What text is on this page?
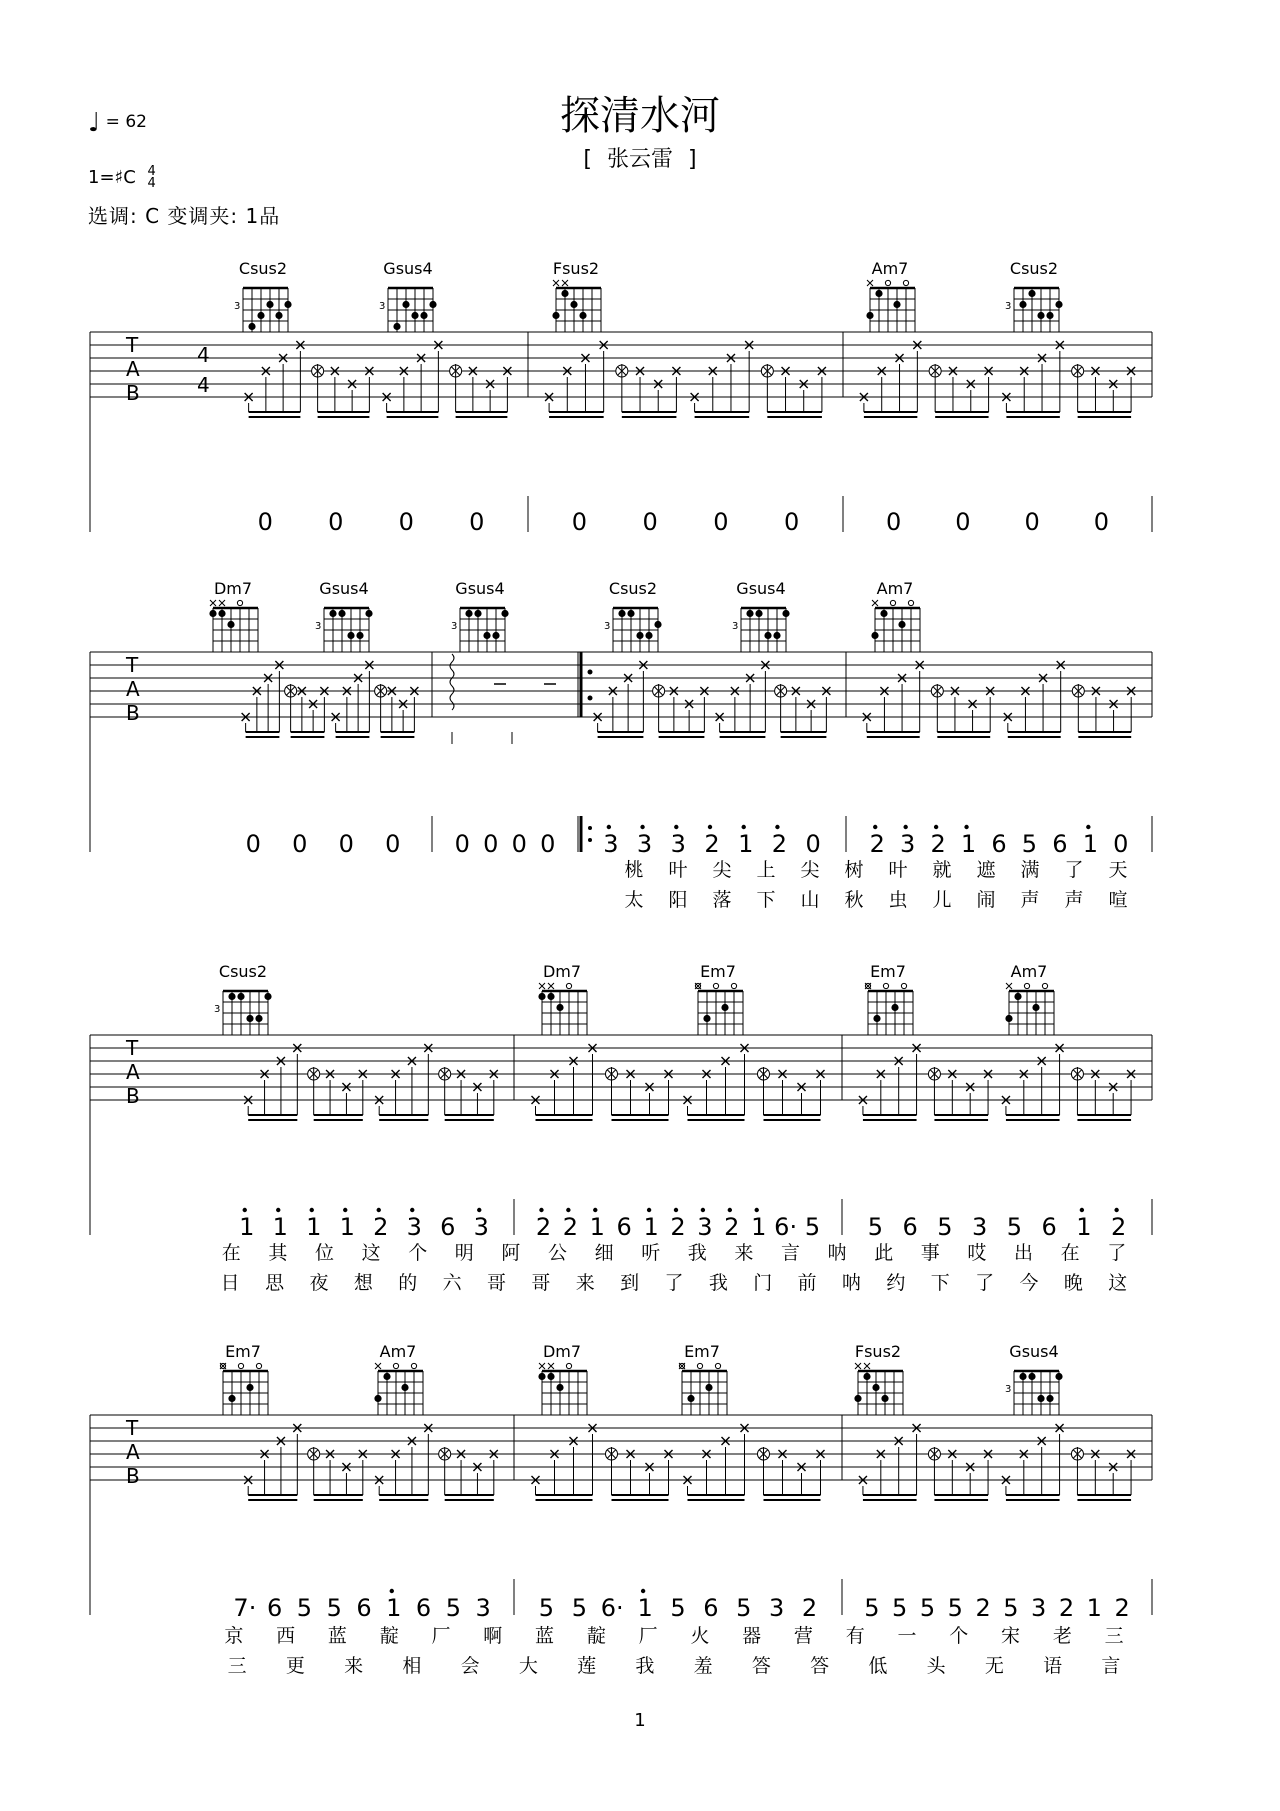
探清水河
[ 张云雷 ]
♩ = 62
1=♯C 4
4
选调: C 变调夹: 1品
Csus2
3
Gsus4
3
Fsus2	Am7	Csus2
3
Dm7	Gsus4
3
Gsus4
3
Csus2
3
Gsus4
3
Am7
Csus2
3
Dm7	Em7	Em7	Am7
Em7	Am7	Dm7	Em7	Fsus2	Gsus4
3
T
A
B
T
A
B
T
A
B
T
A
B
4
4
0 0 0 0	0 0 0 0	0 0 0 0
0 0 0 0 0 0 0 0 3 3 3 2 1 2 0 2 3 2 1 6 5 6 1 0
1 1 1 1 2 3 6 3 2 2 1 6 1 2 3 2 1 6· 5 5 6 5 3 5 6 1 2
7· 6 5 5 6 1 6 5 3 5 5 6· 1 5 6 5 3 2 5 5 5 5 2 5 3 2 1 2
桃 叶 尖 上 尖 树 叶 就 遮 满 了 天
太 阳 落 下 山 秋 虫 儿 闹 声 声 喧
在 其 位 这 个 明 阿 公 细 听 我 来 言 呐 此 事 哎 出 在 了
日 思 夜 想 的 六 哥 哥 来 到 了 我 门 前 呐 约 下 了 今 晚 这
京 西 蓝 靛 厂 啊 蓝 靛 厂 火 器 营 有 一 个 宋 老 三
三 更 来 相 会 大 莲 我 羞 答 答 低 头 无 语 言
1
